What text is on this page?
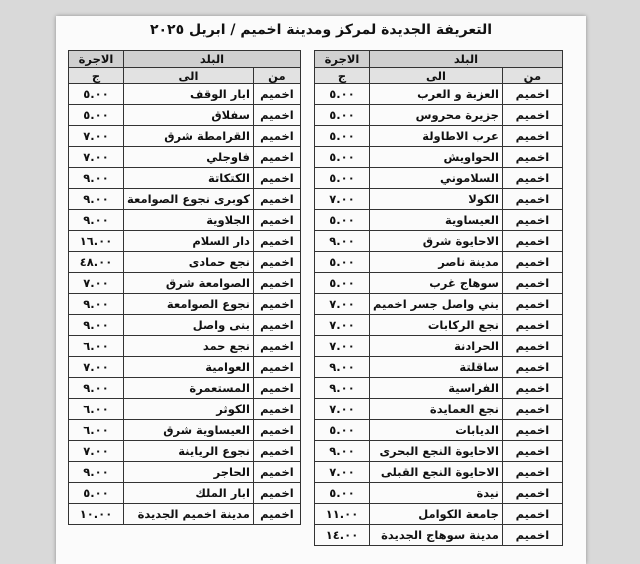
التعريفة الجديدة لمركز ومدينة اخميم / ابريل ٢٠٢٥
البلد		الاجرة
من	الى	ج
اخميم	العزبة و العرب	٥.٠٠
اخميم	جزيرة محروس	٥.٠٠
اخميم	عرب الاطاولة	٥.٠٠
اخميم	الحواويش	٥.٠٠
اخميم	السلاموني	٥.٠٠
اخميم	الكولا	٧.٠٠
اخميم	العيساوية	٥.٠٠
اخميم	الاحايوة شرق	٩.٠٠
اخميم	مدينة ناصر	٥.٠٠
اخميم	سوهاج غرب	٥.٠٠
اخميم	بني واصل جسر اخميم	٧.٠٠
اخميم	نجع الركابات	٧.٠٠
اخميم	الحرادنة	٧.٠٠
اخميم	ساقلتة	٩.٠٠
اخميم	الفراسية	٩.٠٠
اخميم	نجع العمايدة	٧.٠٠
اخميم	الديابات	٥.٠٠
اخميم	الاحايوة النجع البحرى	٩.٠٠
اخميم	الاحايوة النجع القبلى	٧.٠٠
اخميم	نيدة	٥.٠٠
اخميم	جامعة الكوامل	١١.٠٠
اخميم	مدينة سوهاج الجديدة	١٤.٠٠
البلد		الاجرة
من	الى	ج
اخميم	ابار الوقف	٥.٠٠
اخميم	سفلاق	٥.٠٠
اخميم	القرامطة شرق	٧.٠٠
اخميم	فاوجلي	٧.٠٠
اخميم	الكتكاتة	٩.٠٠
اخميم	كوبرى نجوع الصوامعة	٩.٠٠
اخميم	الجلاوية	٩.٠٠
اخميم	دار السلام	١٦.٠٠
اخميم	نجع حمادى	٤٨.٠٠
اخميم	الصوامعة شرق	٧.٠٠
اخميم	نجوع الصوامعة	٩.٠٠
اخميم	بنى واصل	٩.٠٠
اخميم	نجع حمد	٦.٠٠
اخميم	العوامية	٧.٠٠
اخميم	المستعمرة	٩.٠٠
اخميم	الكوثر	٦.٠٠
اخميم	العيساوية شرق	٦.٠٠
اخميم	نجوع الرياينة	٧.٠٠
اخميم	الحاجر	٩.٠٠
اخميم	ابار الملك	٥.٠٠
اخميم	مدينة اخميم الجديدة	١٠.٠٠
